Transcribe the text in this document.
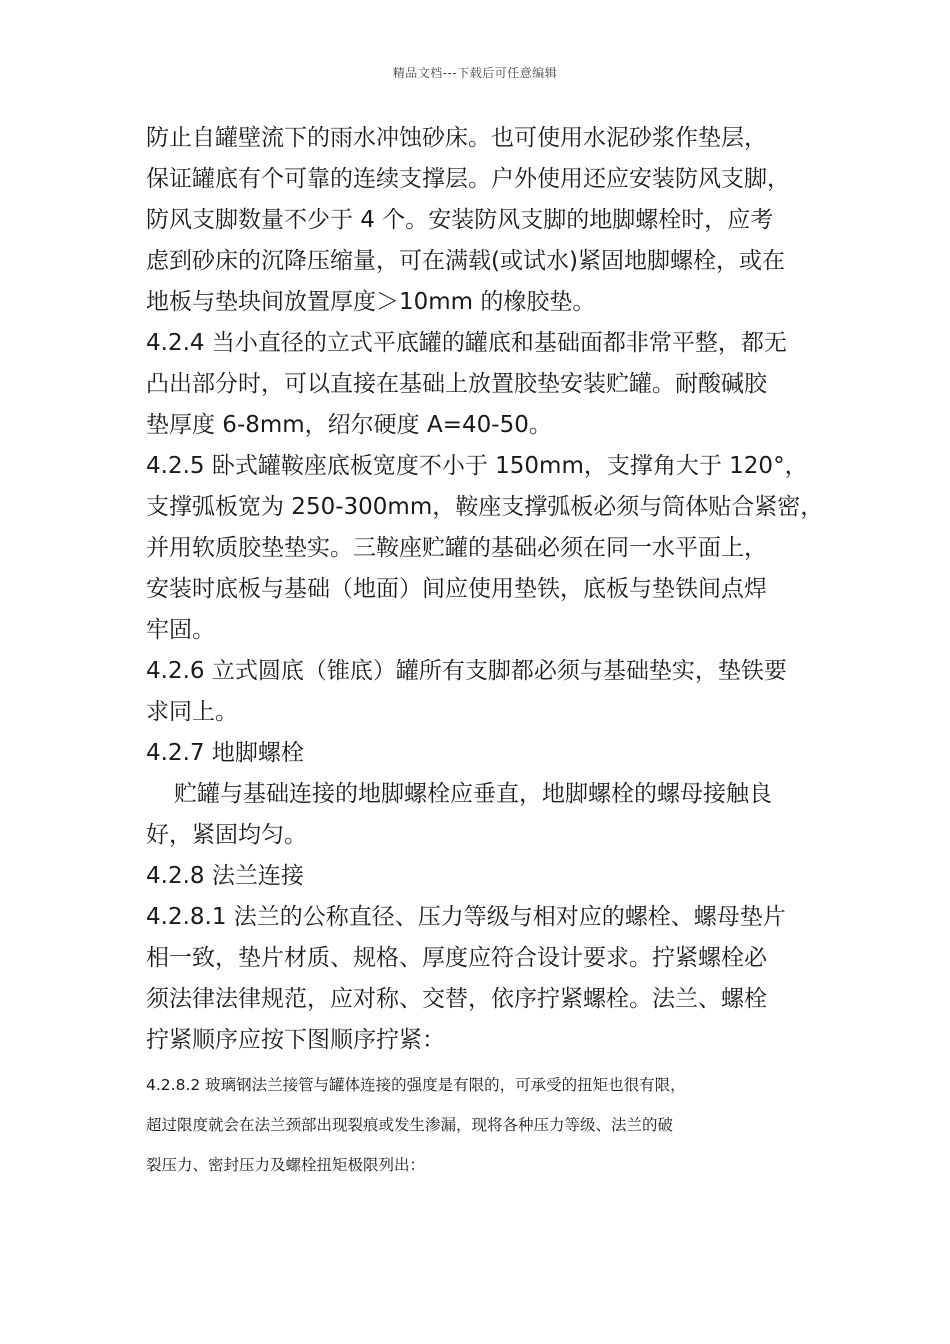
精品文档---下载后可任意编辑
防止自罐壁流下的雨水冲蚀砂床。也可使用水泥砂浆作垫层，
保证罐底有个可靠的连续支撑层。户外使用还应安装防风支脚，
防风支脚数量不少于 4 个。安装防风支脚的地脚螺栓时，应考
虑到砂床的沉降压缩量，可在满载(或试水)紧固地脚螺栓，或在
地板与垫块间放置厚度＞10mm 的橡胶垫。
4.2.4 当小直径的立式平底罐的罐底和基础面都非常平整，都无
凸出部分时，可以直接在基础上放置胶垫安装贮罐。耐酸碱胶
垫厚度 6-8mm，绍尔硬度 A=40-50。
4.2.5 卧式罐鞍座底板宽度不小于 150mm，支撑角大于 120°，
支撑弧板宽为 250-300mm，鞍座支撑弧板必须与筒体贴合紧密，
并用软质胶垫垫实。三鞍座贮罐的基础必须在同一水平面上，
安装时底板与基础（地面）间应使用垫铁，底板与垫铁间点焊
牢固。
4.2.6 立式圆底（锥底）罐所有支脚都必须与基础垫实，垫铁要
求同上。
4.2.7 地脚螺栓
贮罐与基础连接的地脚螺栓应垂直，地脚螺栓的螺母接触良
好，紧固均匀。
4.2.8 法兰连接
4.2.8.1 法兰的公称直径、压力等级与相对应的螺栓、螺母垫片
相一致，垫片材质、规格、厚度应符合设计要求。拧紧螺栓必
须法律法律规范，应对称、交替，依序拧紧螺栓。法兰、螺栓
拧紧顺序应按下图顺序拧紧：
4.2.8.2 玻璃钢法兰接管与罐体连接的强度是有限的，可承受的扭矩也很有限，
超过限度就会在法兰颈部出现裂痕或发生渗漏，现将各种压力等级、法兰的破
裂压力、密封压力及螺栓扭矩极限列出：
